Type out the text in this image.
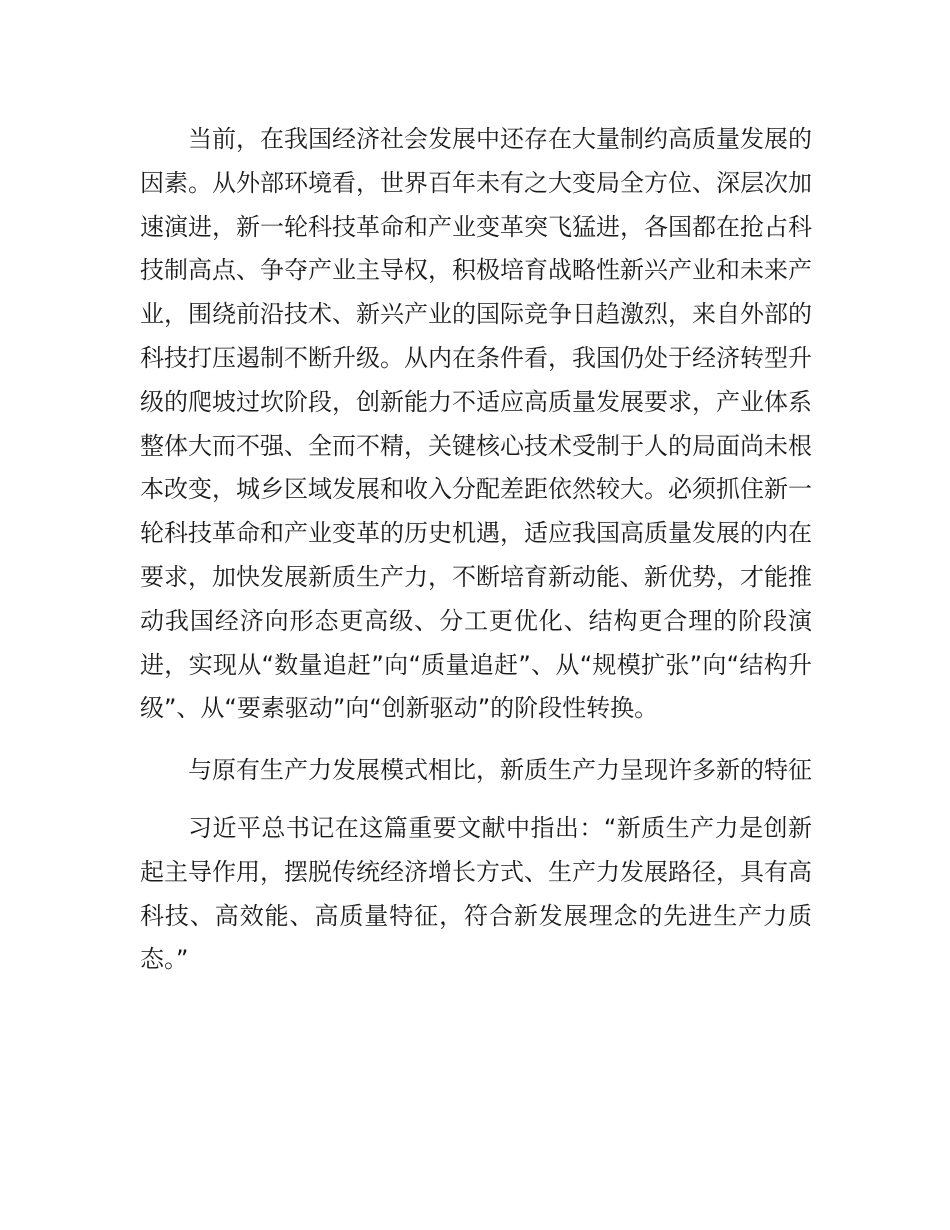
当前，在我国经济社会发展中还存在大量制约高质量发展的因素。从外部环境看，世界百年未有之大变局全方位、深层次加速演进，新一轮科技革命和产业变革突飞猛进，各国都在抢占科技制高点、争夺产业主导权，积极培育战略性新兴产业和未来产业，围绕前沿技术、新兴产业的国际竞争日趋激烈，来自外部的科技打压遏制不断升级。从内在条件看，我国仍处于经济转型升级的爬坡过坎阶段，创新能力不适应高质量发展要求，产业体系整体大而不强、全而不精，关键核心技术受制于人的局面尚未根本改变，城乡区域发展和收入分配差距依然较大。必须抓住新一轮科技革命和产业变革的历史机遇，适应我国高质量发展的内在要求，加快发展新质生产力，不断培育新动能、新优势，才能推动我国经济向形态更高级、分工更优化、结构更合理的阶段演进，实现从“数量追赶”向“质量追赶”、从“规模扩张”向“结构升级”、从“要素驱动”向“创新驱动”的阶段性转换。

与原有生产力发展模式相比，新质生产力呈现许多新的特征

习近平总书记在这篇重要文献中指出：“新质生产力是创新起主导作用，摆脱传统经济增长方式、生产力发展路径，具有高科技、高效能、高质量特征，符合新发展理念的先进生产力质态。”
